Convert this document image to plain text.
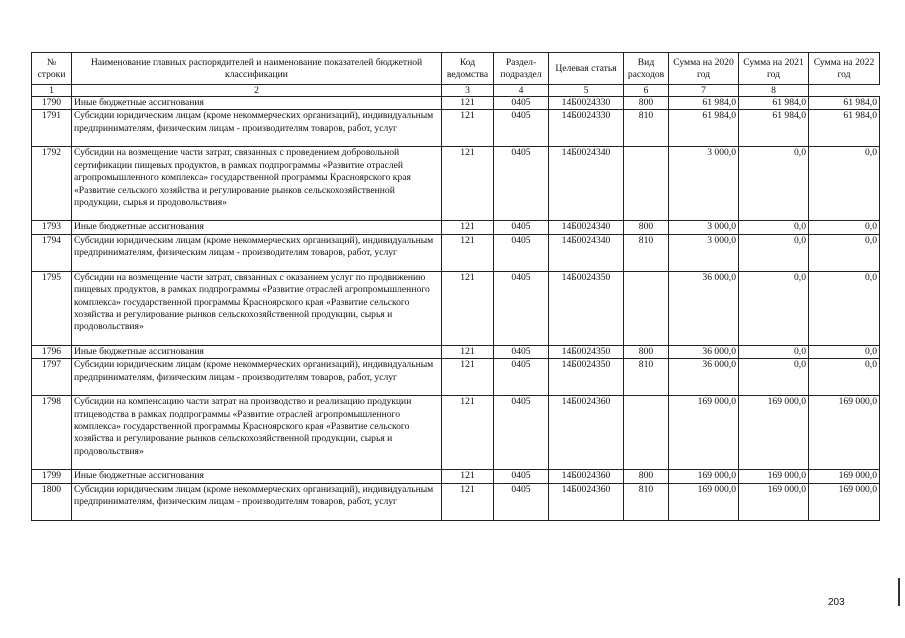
№ строки	Наименование главных распорядителей и наименование показателей бюджетной классификации	Код ведомства	Раздел-подраздел	Целевая статья	Вид расходов	Сумма на 2020 год	Сумма на 2021 год	Сумма на 2022 год
1	2	3	4	5	6	7	8	
1790	Иные бюджетные ассигнования	121	0405	14Б0024330	800	61 984,0	61 984,0	61 984,0
1791	Субсидии юридическим лицам (кроме некоммерческих организаций), индивидуальным предпринимателям, физическим лицам - производителям товаров, работ, услуг	121	0405	14Б0024330	810	61 984,0	61 984,0	61 984,0
1792	Субсидии на возмещение части затрат, связанных с проведением добровольной сертификации пищевых продуктов, в рамках подпрограммы «Развитие отраслей агропромышленного комплекса» государственной программы Красноярского края «Развитие сельского хозяйства и регулирование рынков сельскохозяйственной продукции, сырья и продовольствия»	121	0405	14Б0024340		3 000,0	0,0	0,0
1793	Иные бюджетные ассигнования	121	0405	14Б0024340	800	3 000,0	0,0	0,0
1794	Субсидии юридическим лицам (кроме некоммерческих организаций), индивидуальным предпринимателям, физическим лицам - производителям товаров, работ, услуг	121	0405	14Б0024340	810	3 000,0	0,0	0,0
1795	Субсидии на возмещение части затрат, связанных с оказанием услуг по продвижению пищевых продуктов, в рамках подпрограммы «Развитие отраслей агропромышленного комплекса» государственной программы Красноярского края «Развитие сельского хозяйства и регулирование рынков сельскохозяйственной продукции, сырья и продовольствия»	121	0405	14Б0024350		36 000,0	0,0	0,0
1796	Иные бюджетные ассигнования	121	0405	14Б0024350	800	36 000,0	0,0	0,0
1797	Субсидии юридическим лицам (кроме некоммерческих организаций), индивидуальным предпринимателям, физическим лицам - производителям товаров, работ, услуг	121	0405	14Б0024350	810	36 000,0	0,0	0,0
1798	Субсидии на компенсацию части затрат на производство и реализацию продукции птицеводства в рамках подпрограммы «Развитие отраслей агропромышленного комплекса» государственной программы Красноярского края «Развитие сельского хозяйства и регулирование рынков сельскохозяйственной продукции, сырья и продовольствия»	121	0405	14Б0024360		169 000,0	169 000,0	169 000,0
1799	Иные бюджетные ассигнования	121	0405	14Б0024360	800	169 000,0	169 000,0	169 000,0
1800	Субсидии юридическим лицам (кроме некоммерческих организаций), индивидуальным предпринимателям, физическим лицам - производителям товаров, работ, услуг	121	0405	14Б0024360	810	169 000,0	169 000,0	169 000,0
203
